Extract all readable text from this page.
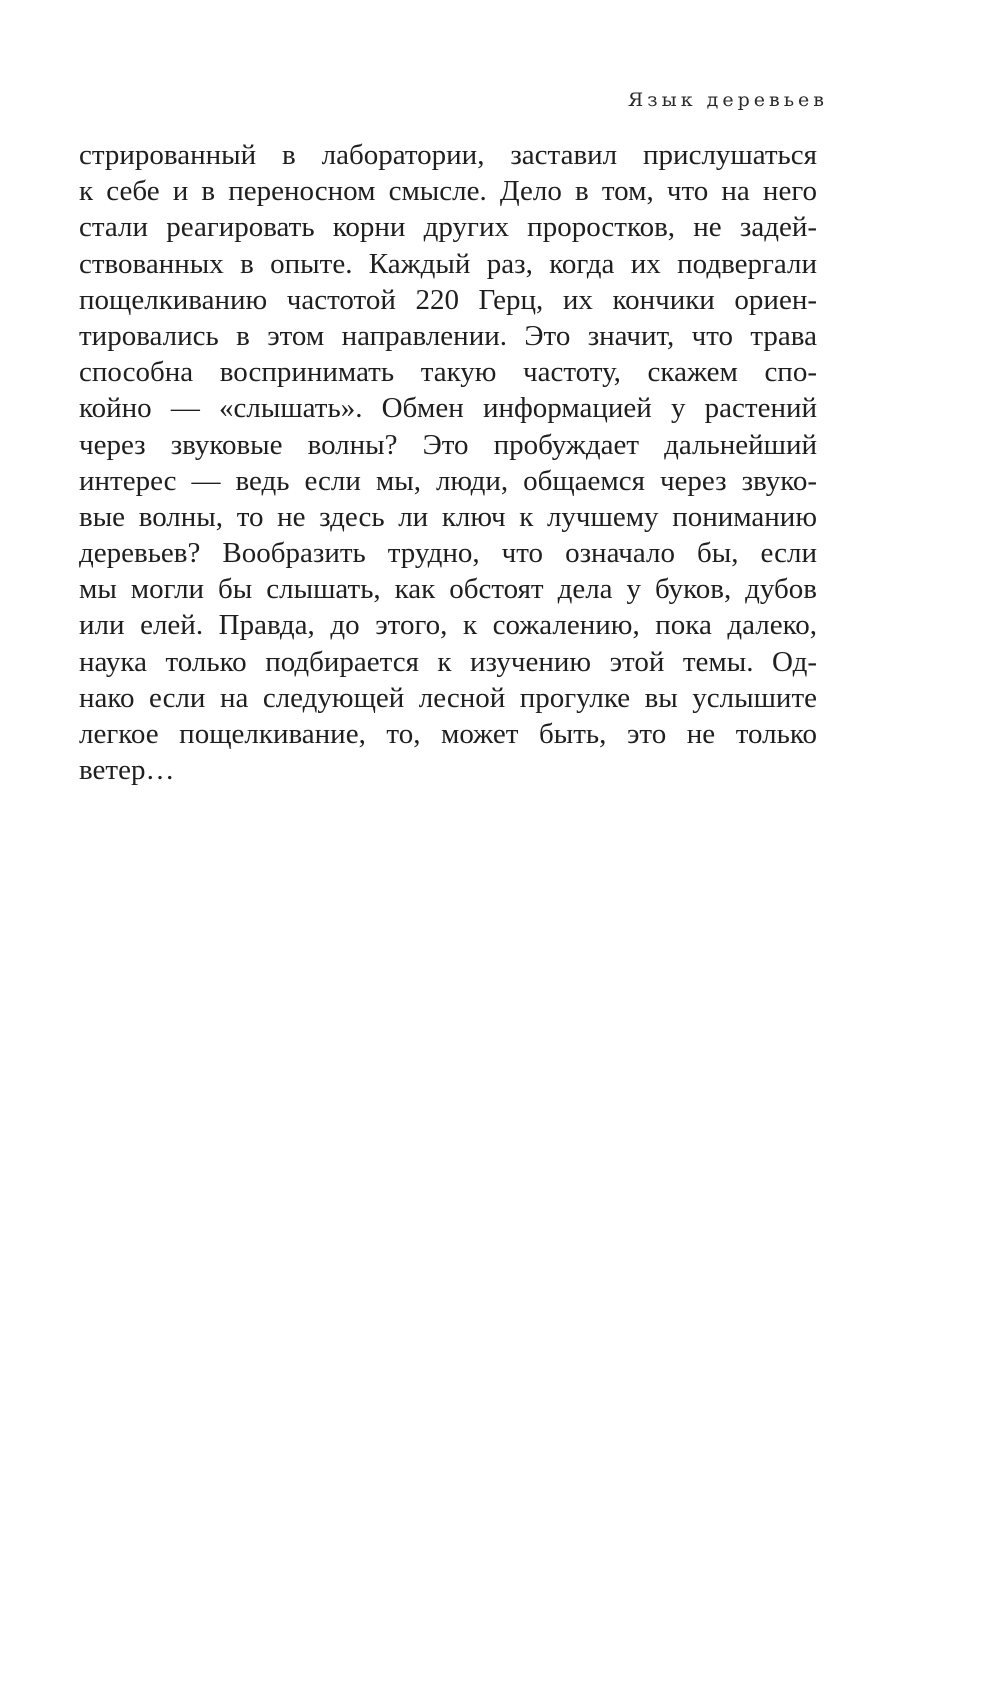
Язык деревьев
стрированный в лаборатории, заставил прислушаться
к себе и в переносном смысле. Дело в том, что на него
стали реагировать корни других проростков, не задей-
ствованных в опыте. Каждый раз, когда их подвергали
пощелкиванию частотой 220 Герц, их кончики ориен-
тировались в этом направлении. Это значит, что трава
способна воспринимать такую частоту, скажем спо-
койно — «слышать». Обмен информацией у растений
через звуковые волны? Это пробуждает дальнейший
интерес — ведь если мы, люди, общаемся через звуко-
вые волны, то не здесь ли ключ к лучшему пониманию
деревьев? Вообразить трудно, что означало бы, если
мы могли бы слышать, как обстоят дела у буков, дубов
или елей. Правда, до этого, к сожалению, пока далеко,
наука только подбирается к изучению этой темы. Од-
нако если на следующей лесной прогулке вы услышите
легкое пощелкивание, то, может быть, это не только
ветер…
